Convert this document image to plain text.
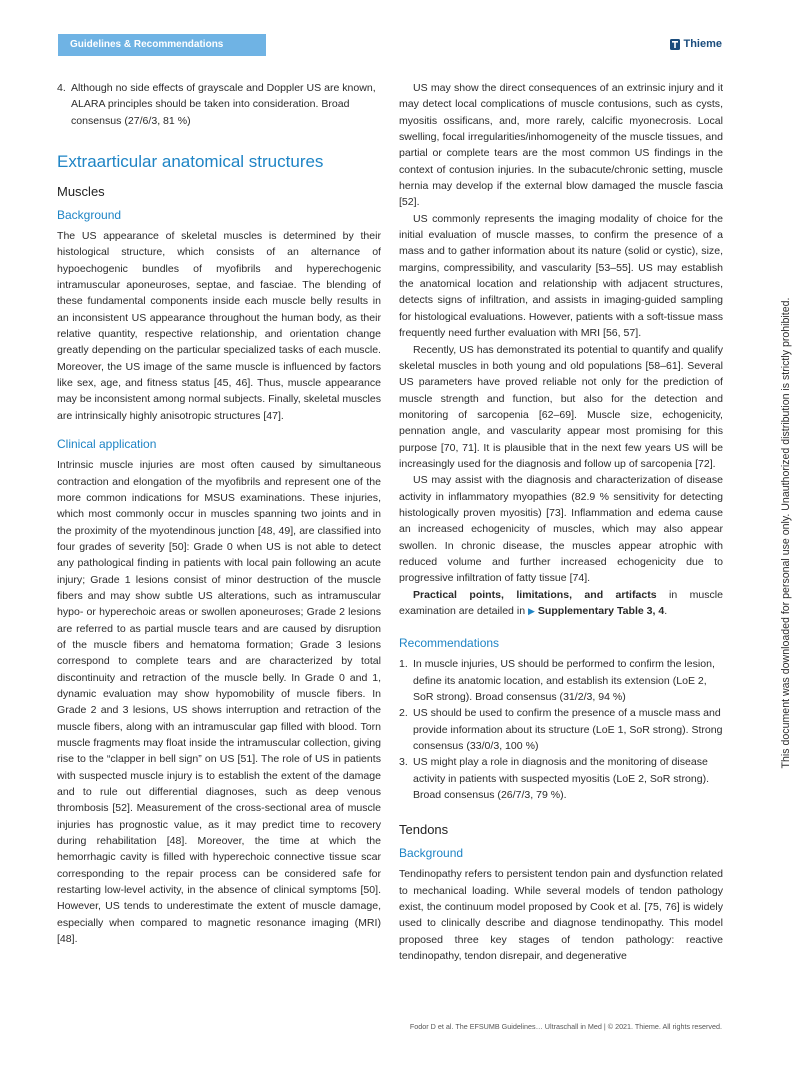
Guidelines & Recommendations	Thieme
This document was downloaded for personal use only. Unauthorized distribution is strictly prohibited.
4. Although no side effects of grayscale and Doppler US are known, ALARA principles should be taken into consideration. Broad consensus (27/6/3, 81 %)
Extraarticular anatomical structures
Muscles
Background

The US appearance of skeletal muscles is determined by their histological structure, which consists of an alternance of hypoechogenic bundles of myofibrils and hyperechogenic intramuscular aponeuroses, septae, and fasciae. The blending of these fundamental components inside each muscle belly results in an inconsistent US appearance throughout the human body, as their relative quantity, respective relationship, and orientation change greatly depending on the particular specialized tasks of each muscle. Moreover, the US image of the same muscle is influenced by factors like sex, age, and fitness status [45, 46]. Thus, muscle appearance may be inconsistent among normal subjects. Finally, skeletal muscles are intrinsically highly anisotropic structures [47].

Clinical application

Intrinsic muscle injuries are most often caused by simultaneous contraction and elongation of the myofibrils and represent one of the more common indications for MSUS examinations. These injuries, which most commonly occur in muscles spanning two joints and in the proximity of the myotendinous junction [48, 49], are classified into four grades of severity [50]: Grade 0 when US is not able to detect any pathological finding in patients with local pain following an acute injury; Grade 1 lesions consist of minor destruction of the muscle fibers and may show subtle US alterations, such as intramuscular hypo- or hyperechoic areas or swollen aponeuroses; Grade 2 lesions are referred to as partial muscle tears and are caused by disruption of the muscle fibers and hematoma formation; Grade 3 lesions correspond to complete tears and are characterized by total discontinuity and retraction of the muscle belly. In Grade 0 and 1, dynamic evaluation may show hypomobility of muscle fibers. In Grade 2 and 3 lesions, US shows interruption and retraction of the muscle fibers, along with an intramuscular gap filled with blood. Torn muscle fragments may float inside the intramuscular collection, giving rise to the “clapper in bell sign” on US [51]. The role of US in patients with suspected muscle injury is to establish the extent of the damage and to rule out differential diagnoses, such as deep venous thrombosis [52]. Measurement of the cross-sectional area of muscle injuries has prognostic value, as it may predict time to recovery during rehabilitation [48]. Moreover, the time at which the hemorrhagic cavity is filled with hyperechoic connective tissue scar corresponding to the repair process can be considered safe for restarting low-level activity, in the absence of clinical symptoms [50]. However, US tends to underestimate the extent of muscle damage, especially when compared to magnetic resonance imaging (MRI) [48].

US may show the direct consequences of an extrinsic injury and it may detect local complications of muscle contusions, such as cysts, myositis ossificans, and, more rarely, calcific myonecrosis. Local swelling, focal irregularities/inhomogeneity of the muscle tissues, and partial or complete tears are the most common US findings in the context of contusion injuries. In the subacute/chronic setting, muscle hernia may develop if the external blow damaged the muscle fascia [52].

US commonly represents the imaging modality of choice for the initial evaluation of muscle masses, to confirm the presence of a mass and to gather information about its nature (solid or cystic), size, margins, compressibility, and vascularity [53–55]. US may establish the anatomical location and relationship with adjacent structures, detects signs of infiltration, and assists in imaging-guided sampling for histological evaluations. However, patients with a soft-tissue mass frequently need further evaluation with MRI [56, 57].

Recently, US has demonstrated its potential to quantify and qualify skeletal muscles in both young and old populations [58–61]. Several US parameters have proved reliable not only for the prediction of muscle strength and function, but also for the detection and monitoring of sarcopenia [62–69]. Muscle size, echogenicity, pennation angle, and vascularity appear most promising for this purpose [70, 71]. It is plausible that in the next few years US will be increasingly used for the diagnosis and follow up of sarcopenia [72].

US may assist with the diagnosis and characterization of disease activity in inflammatory myopathies (82.9 % sensitivity for detecting histologically proven myositis) [73]. Inflammation and edema cause an increased echogenicity of muscles, which may also appear swollen. In chronic disease, the muscles appear atrophic with reduced volume and further increased echogenicity due to progressive infiltration of fatty tissue [74].

Practical points, limitations, and artifacts in muscle examination are detailed in ▶ Supplementary Table 3, 4.

Recommendations
1. In muscle injuries, US should be performed to confirm the lesion, define its anatomic location, and establish its extension (LoE 2, SoR strong). Broad consensus (31/2/3, 94 %)
2. US should be used to confirm the presence of a muscle mass and provide information about its structure (LoE 1, SoR strong). Strong consensus (33/0/3, 100 %)
3. US might play a role in diagnosis and the monitoring of disease activity in patients with suspected myositis (LoE 2, SoR strong). Broad consensus (26/7/3, 79 %).
Tendons
Background

Tendinopathy refers to persistent tendon pain and dysfunction related to mechanical loading. While several models of tendon pathology exist, the continuum model proposed by Cook et al. [75, 76] is widely used to clinically describe and diagnose tendinopathy. This model proposed three key stages of tendon pathology: reactive tendinopathy, tendon disrepair, and degenerative

Fodor D et al. The EFSUMB Guidelines… Ultraschall in Med | © 2021. Thieme. All rights reserved.
